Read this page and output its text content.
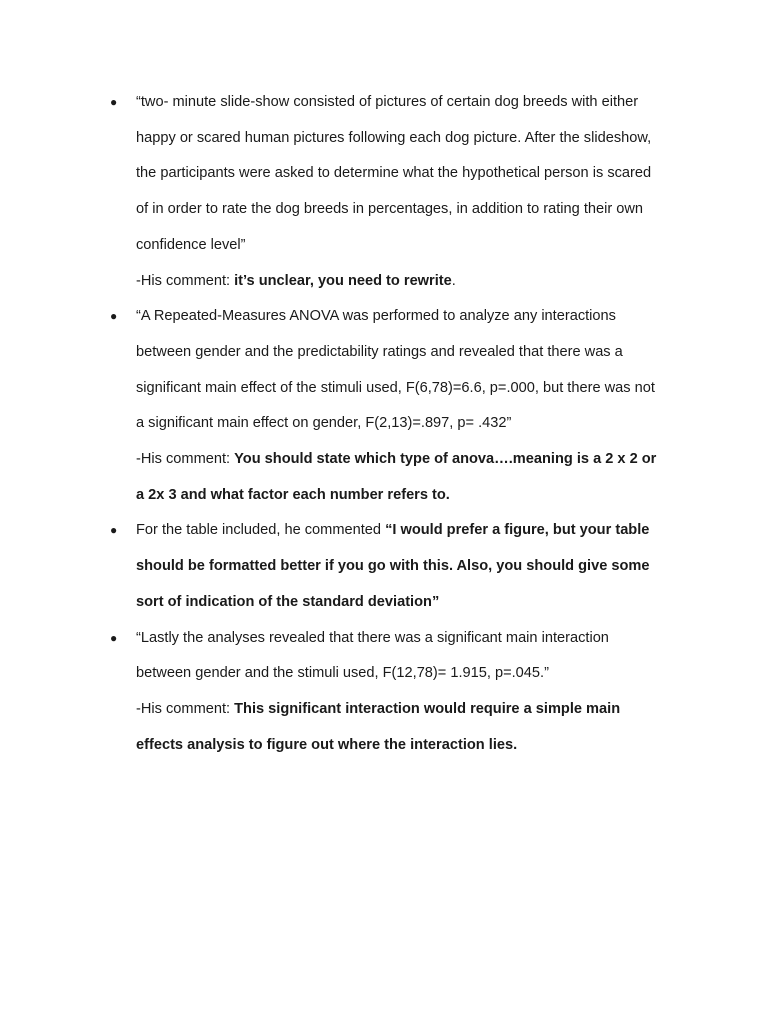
● “two- minute slide-show consisted of pictures of certain dog breeds with either
happy or scared human pictures following each dog picture. After the slideshow,
the participants were asked to determine what the hypothetical person is scared
of in order to rate the dog breeds in percentages, in addition to rating their own
confidence level”
-His comment: it’s unclear, you need to rewrite.
● “A Repeated-Measures ANOVA was performed to analyze any interactions
between gender and the predictability ratings and revealed that there was a
significant main effect of the stimuli used, F(6,78)=6.6, p=.000, but there was not
a significant main effect on gender, F(2,13)=.897, p= .432”
-His comment: You should state which type of anova….meaning is a 2 x 2 or
a 2x 3 and what factor each number refers to.
● For the table included, he commented “I would prefer a figure, but your table
should be formatted better if you go with this. Also, you should give some
sort of indication of the standard deviation”
● “Lastly the analyses revealed that there was a significant main interaction
between gender and the stimuli used, F(12,78)= 1.915, p=.045.”
-His comment: This significant interaction would require a simple main
effects analysis to figure out where the interaction lies.
